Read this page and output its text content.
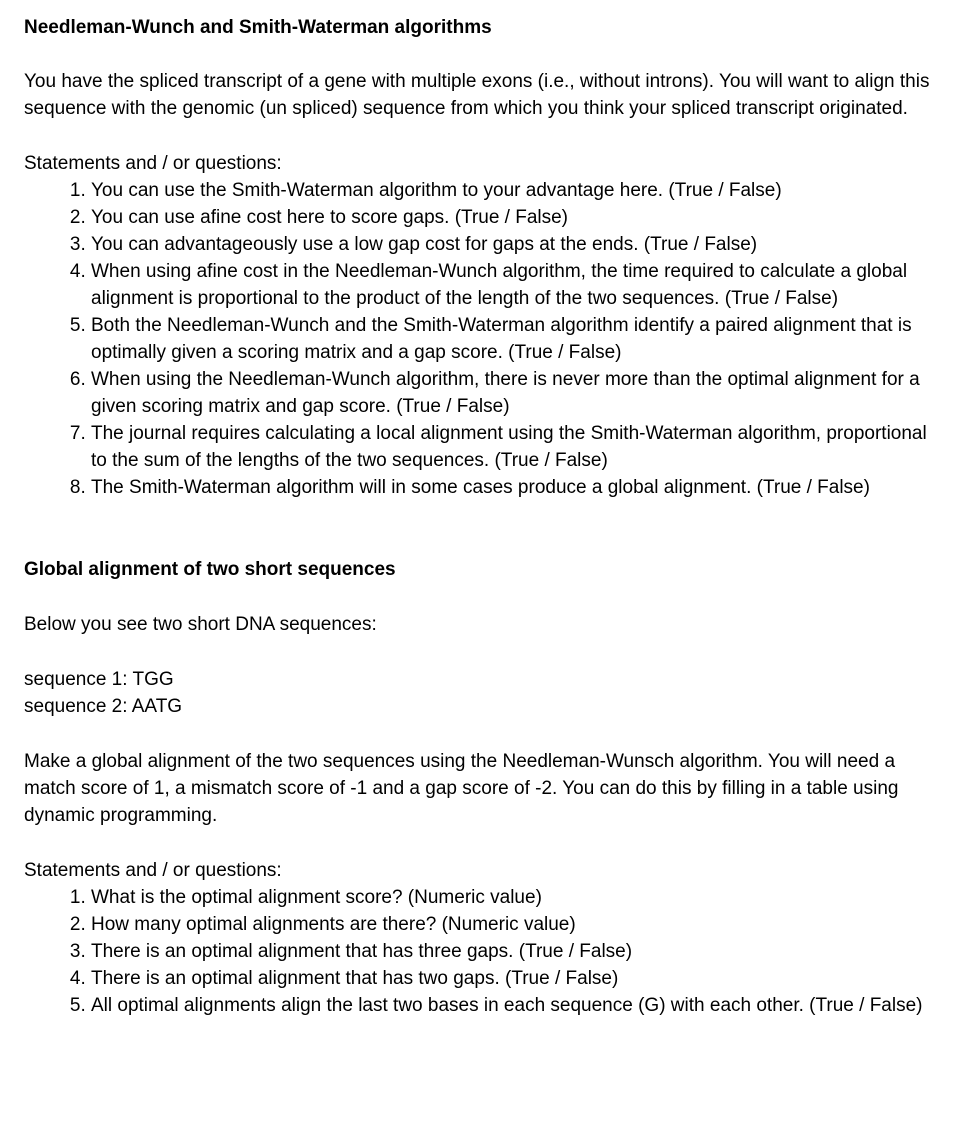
Needleman-Wunch and Smith-Waterman algorithms

You have the spliced transcript of a gene with multiple exons (i.e., without introns). You will want to align this sequence with the genomic (un spliced) sequence from which you think your spliced transcript originated.

Statements and / or questions:

1. You can use the Smith-Waterman algorithm to your advantage here. (True / False)
2. You can use afine cost here to score gaps. (True / False)
3. You can advantageously use a low gap cost for gaps at the ends. (True / False)
4. When using afine cost in the Needleman-Wunch algorithm, the time required to calculate a global alignment is proportional to the product of the length of the two sequences. (True / False)
5. Both the Needleman-Wunch and the Smith-Waterman algorithm identify a paired alignment that is optimally given a scoring matrix and a gap score. (True / False)
6. When using the Needleman-Wunch algorithm, there is never more than the optimal alignment for a given scoring matrix and gap score. (True / False)
7. The journal requires calculating a local alignment using the Smith-Waterman algorithm, proportional to the sum of the lengths of the two sequences. (True / False)
8. The Smith-Waterman algorithm will in some cases produce a global alignment. (True / False)
Global alignment of two short sequences

Below you see two short DNA sequences:

sequence 1: TGG

sequence 2: AATG

Make a global alignment of the two sequences using the Needleman-Wunsch algorithm. You will need a match score of 1, a mismatch score of -1 and a gap score of -2. You can do this by filling in a table using dynamic programming.

Statements and / or questions:

1. What is the optimal alignment score? (Numeric value)
2. How many optimal alignments are there? (Numeric value)
3. There is an optimal alignment that has three gaps. (True / False)
4. There is an optimal alignment that has two gaps. (True / False)
5. All optimal alignments align the last two bases in each sequence (G) with each other. (True / False)
